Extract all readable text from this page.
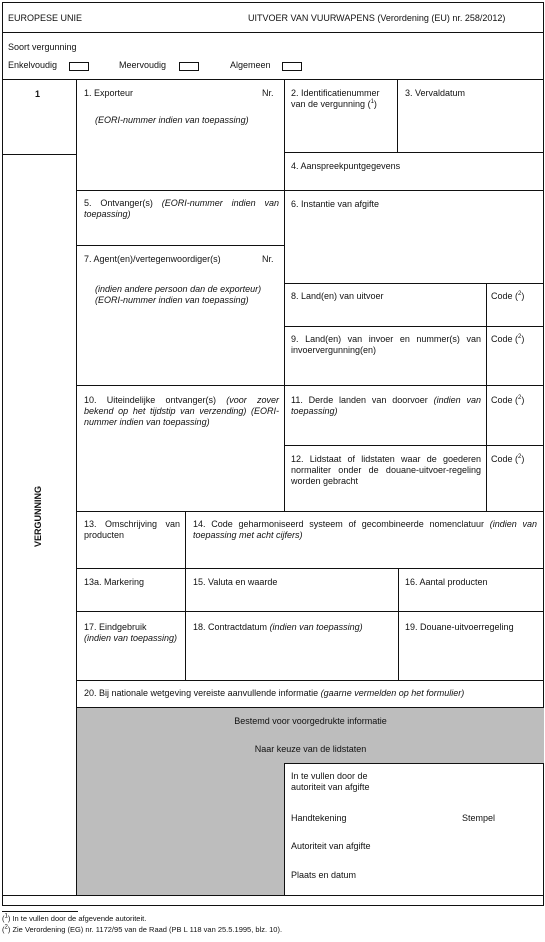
EUROPESE UNIE	UITVOER VAN VUURWAPENS (Verordening (EU) nr. 258/2012)
Soort vergunning
Enkelvoudig	Meervoudig	Algemeen
1
VERGUNNING
1. Exporteur	Nr.
(EORI-nummer indien van toepassing)
2. Identificatienummer van de vergunning ($^1$)
3. Vervaldatum
4. Aanspreekpuntgegevens
5. Ontvanger(s) (EORI-nummer indien van toepassing)
6. Instantie van afgifte
7. Agent(en)/vertegenwoordiger(s)	Nr.
(indien andere persoon dan de exporteur) (EORI-nummer indien van toepassing)	8. Land(en) van uitvoer	Code ($^2$)
9. Land(en) van invoer en nummer(s) van invoervergunning(en)
Code ($^2$)
10. Uiteindelijke ontvanger(s) (voor zover bekend op het tijdstip van verzending) (EORI-nummer indien van toepassing)
11. Derde landen van doorvoer (indien van toepassing)
Code ($^2$)
12. Lidstaat of lidstaten waar de goederen normaliter onder de douane-uitvoer-regeling worden gebracht
Code ($^2$)
13. Omschrijving van producten
14. Code geharmoniseerd systeem of gecombineerde nomenclatuur (indien van toepassing met acht cijfers)
13a. Markering	15. Valuta en waarde	16. Aantal producten
17. Eindgebruik
(indien van toepassing)
18. Contractdatum (indien van toepassing)	19. Douane-uitvoerregeling
20. Bij nationale wetgeving vereiste aanvullende informatie (gaarne vermelden op het formulier)
Bestemd voor voorgedrukte informatie
Naar keuze van de lidstaten
In te vullen door de autoriteit van afgifte
Handtekening	Stempel
Autoriteit van afgifte
Plaats en datum
($^1$) In te vullen door de afgevende autoriteit.
($^2$) Zie Verordening (EG) nr. 1172/95 van de Raad (PB L 118 van 25.5.1995, blz. 10).
